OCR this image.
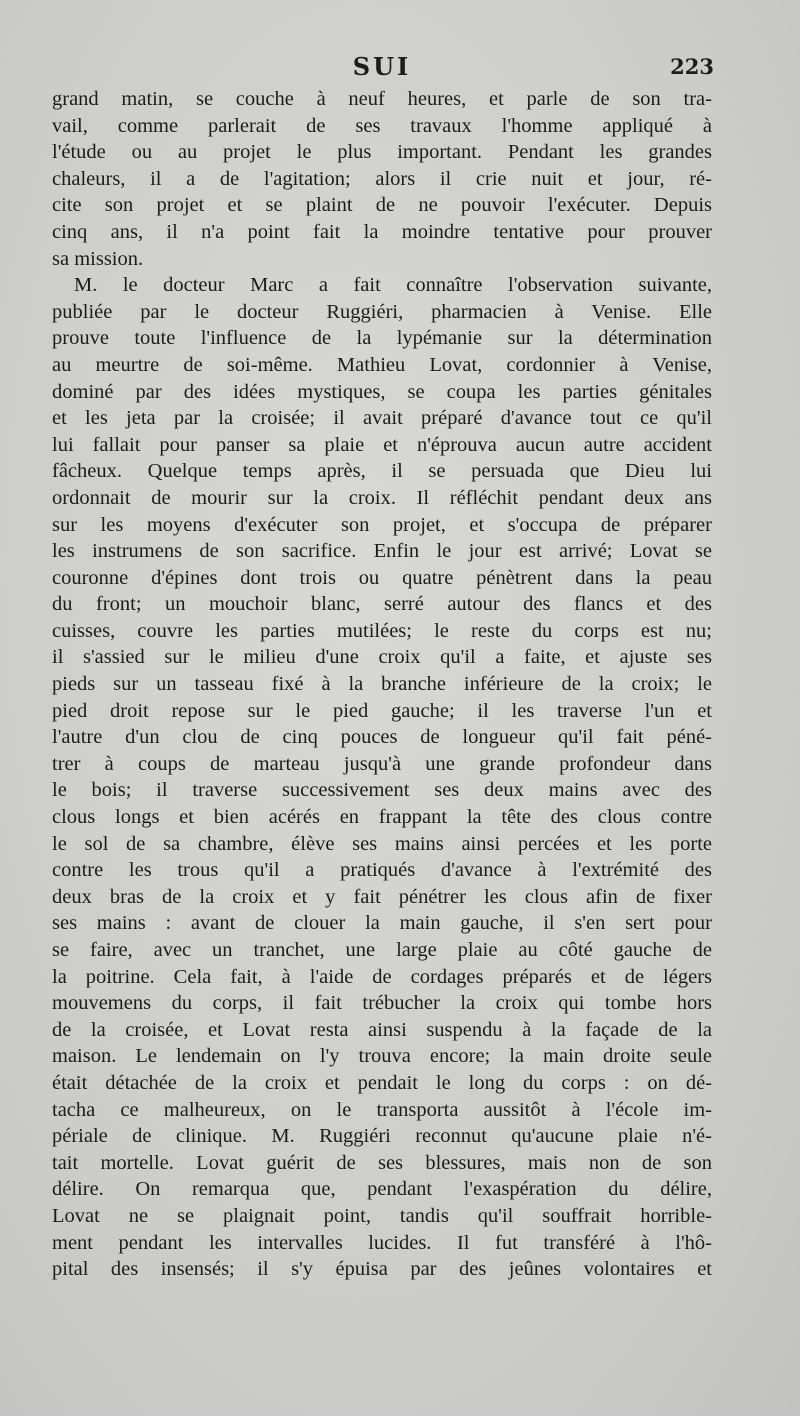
SUI	223
grand matin, se couche à neuf heures, et parle de son tra-
vail, comme parlerait de ses travaux l'homme appliqué à
l'étude ou au projet le plus important. Pendant les grandes
chaleurs, il a de l'agitation; alors il crie nuit et jour, ré-
cite son projet et se plaint de ne pouvoir l'exécuter. Depuis
cinq ans, il n'a point fait la moindre tentative pour prouver
sa mission.
M. le docteur Marc a fait connaître l'observation suivante,
publiée par le docteur Ruggiéri, pharmacien à Venise. Elle
prouve toute l'influence de la lypémanie sur la détermination
au meurtre de soi-même. Mathieu Lovat, cordonnier à Venise,
dominé par des idées mystiques, se coupa les parties génitales
et les jeta par la croisée; il avait préparé d'avance tout ce qu'il
lui fallait pour panser sa plaie et n'éprouva aucun autre accident
fâcheux. Quelque temps après, il se persuada que Dieu lui
ordonnait de mourir sur la croix. Il réfléchit pendant deux ans
sur les moyens d'exécuter son projet, et s'occupa de préparer
les instrumens de son sacrifice. Enfin le jour est arrivé; Lovat se
couronne d'épines dont trois ou quatre pénètrent dans la peau
du front; un mouchoir blanc, serré autour des flancs et des
cuisses, couvre les parties mutilées; le reste du corps est nu;
il s'assied sur le milieu d'une croix qu'il a faite, et ajuste ses
pieds sur un tasseau fixé à la branche inférieure de la croix; le
pied droit repose sur le pied gauche; il les traverse l'un et
l'autre d'un clou de cinq pouces de longueur qu'il fait péné-
trer à coups de marteau jusqu'à une grande profondeur dans
le bois; il traverse successivement ses deux mains avec des
clous longs et bien acérés en frappant la tête des clous contre
le sol de sa chambre, élève ses mains ainsi percées et les porte
contre les trous qu'il a pratiqués d'avance à l'extrémité des
deux bras de la croix et y fait pénétrer les clous afin de fixer
ses mains : avant de clouer la main gauche, il s'en sert pour
se faire, avec un tranchet, une large plaie au côté gauche de
la poitrine. Cela fait, à l'aide de cordages préparés et de légers
mouvemens du corps, il fait trébucher la croix qui tombe hors
de la croisée, et Lovat resta ainsi suspendu à la façade de la
maison. Le lendemain on l'y trouva encore; la main droite seule
était détachée de la croix et pendait le long du corps : on dé-
tacha ce malheureux, on le transporta aussitôt à l'école im-
périale de clinique. M. Ruggiéri reconnut qu'aucune plaie n'é-
tait mortelle. Lovat guérit de ses blessures, mais non de son
délire. On remarqua que, pendant l'exaspération du délire,
Lovat ne se plaignait point, tandis qu'il souffrait horrible-
ment pendant les intervalles lucides. Il fut transféré à l'hô-
pital des insensés; il s'y épuisa par des jeûnes volontaires et
